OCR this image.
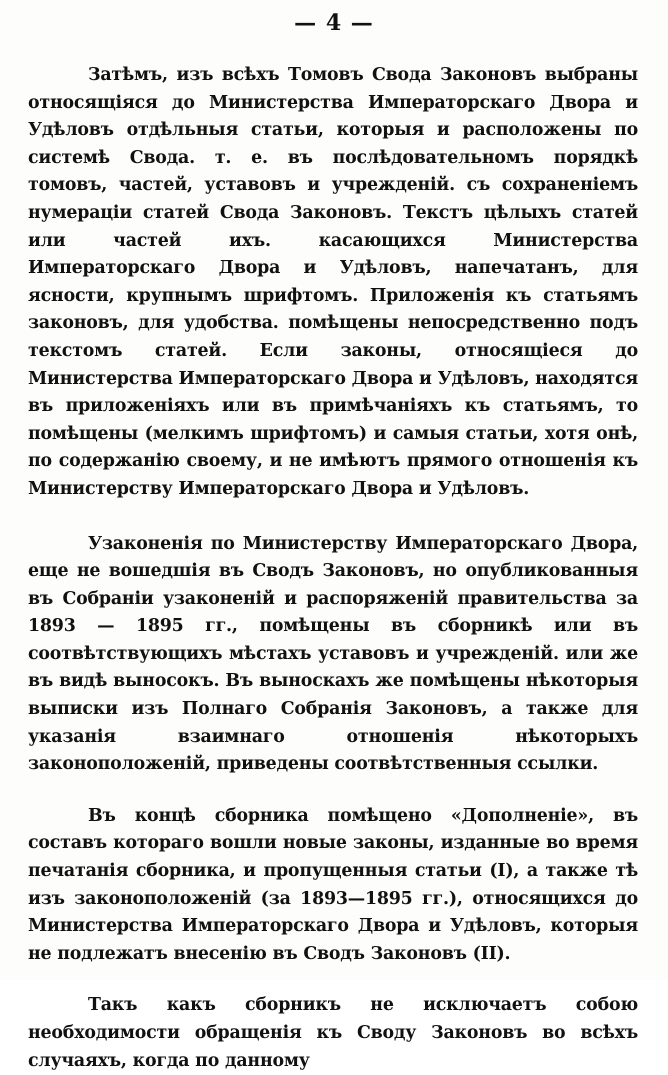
— 4 —

Затѣмъ, изъ всѣхъ Томовъ Свода Законовъ выбраны относящіяся до Министерства Императорскаго Двора и Удѣловъ отдѣльныя статьи, которыя и расположены по системѣ Свода. т. е. въ послѣдовательномъ порядкѣ томовъ, частей, уставовъ и учрежденій. съ сохраненіемъ нумераціи статей Свода Законовъ. Текстъ цѣлыхъ статей или частей ихъ. касающихся Министерства Императорскаго Двора и Удѣловъ, напечатанъ, для ясности, крупнымъ шрифтомъ. Приложенія къ статьямъ законовъ, для удобства. помѣщены непосредственно подъ текстомъ статей. Если законы, относящіеся до Министерства Императорскаго Двора и Удѣловъ, находятся въ приложеніяхъ или въ примѣчаніяхъ къ статьямъ, то помѣщены (мелкимъ шрифтомъ) и самыя статьи, хотя онѣ, по содержанію своему, и не имѣютъ прямого отношенія къ Министерству Императорскаго Двора и Удѣловъ.

Узаконенія по Министерству Императорскаго Двора, еще не вошедшія въ Сводъ Законовъ, но опубликованныя въ Собраніи узаконеній и распоряженій правительства за 1893 — 1895 гг., помѣщены въ сборникѣ или въ соотвѣтствующихъ мѣстахъ уставовъ и учрежденій. или же въ видѣ выносокъ. Въ выноскахъ же помѣщены нѣкоторыя выписки изъ Полнаго Собранія Законовъ, а также для указанія взаимнаго отношенія нѣкоторыхъ законоположеній, приведены соотвѣтственныя ссылки.

Въ концѣ сборника помѣщено «Дополненіе», въ составъ котораго вошли новые законы, изданные во время печатанія сборника, и пропущенныя статьи (I), а также тѣ изъ законоположеній (за 1893—1895 гг.), относящихся до Министерства Императорскаго Двора и Удѣловъ, которыя не подлежатъ внесенію въ Сводъ Законовъ (II).

Такъ какъ сборникъ не исключаетъ собою необходимости обращенія къ Своду Законовъ во всѣхъ случаяхъ, когда по данному
